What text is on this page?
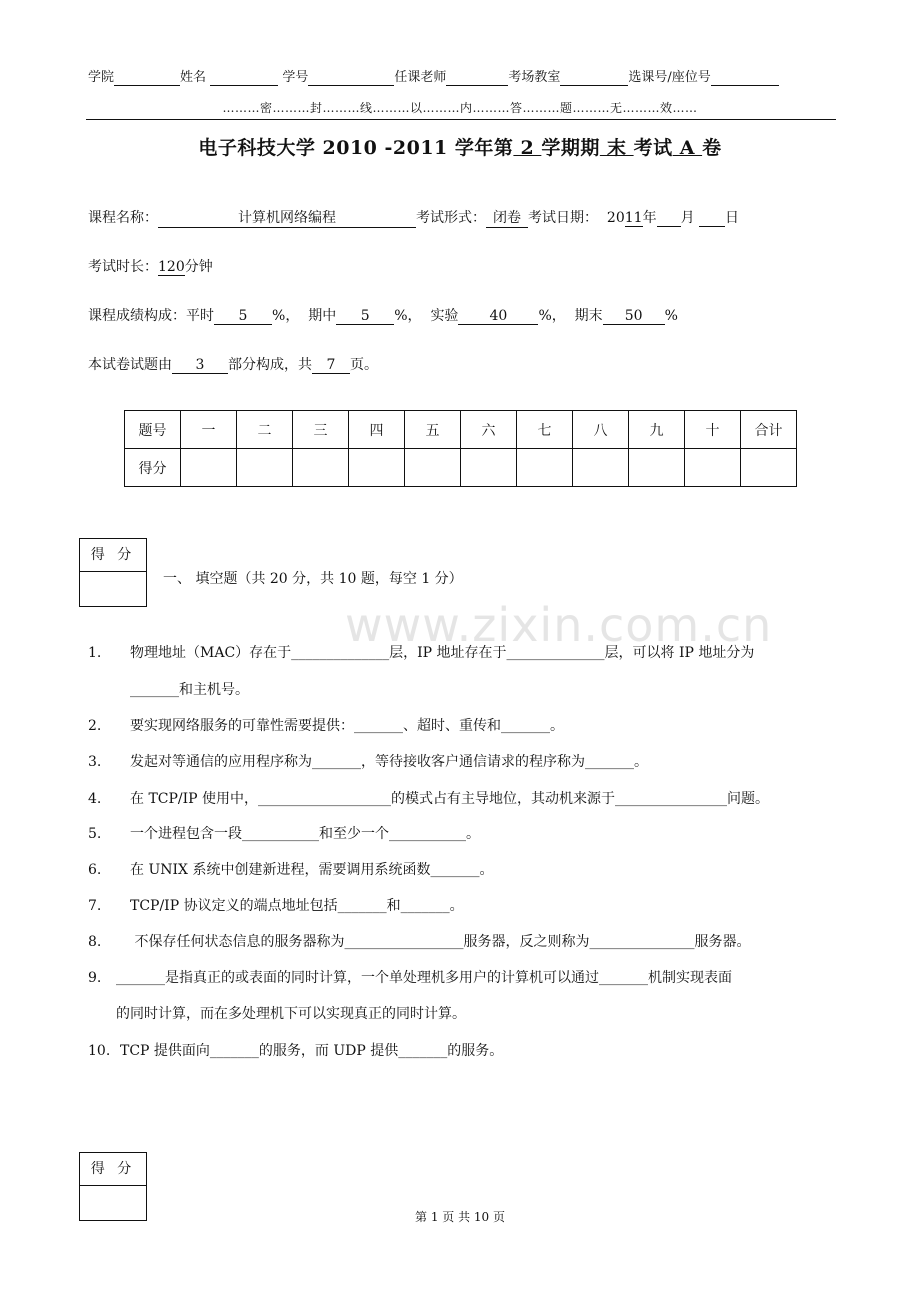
www.zixin.com.cn
学院	姓名	学号	任课老师	考场教室	选课号/座位号
………密………封………线………以………内………答………题………无………效……
电子科技大学 2010 -2011 学年第 2 学期期 末 考试 A 卷
课程名称：	计算机网络编程	考试形式： 闭卷 考试日期： 2011年 月 日
考试时长：120分钟
课程成绩构成：平时 5 %，  期中 5 %，  实验 40 %，  期末 50 %
本试卷试题由 3 部分构成，共 7 页。
题号	一	二	三	四	五	六	七	八	九	十	合计
得分											
得 分
一、 填空题（共 20 分，共 10 题，每空 1 分）
1. 物理地址（MAC）存在于______________层，IP 地址存在于______________层，可以将 IP 地址分为
_______和主机号。
2. 要实现网络服务的可靠性需要提供：_______、超时、重传和_______。
3. 发起对等通信的应用程序称为_______，等待接收客户通信请求的程序称为_______。
4. 在 TCP/IP 使用中，___________________的模式占有主导地位，其动机来源于________________问题。
5. 一个进程包含一段___________和至少一个___________。
6. 在 UNIX 系统中创建新进程，需要调用系统函数_______。
7. TCP/IP 协议定义的端点地址包括_______和_______。
8. 不保存任何状态信息的服务器称为_________________服务器，反之则称为_______________服务器。
9. _______是指真正的或表面的同时计算，一个单处理机多用户的计算机可以通过_______机制实现表面
的同时计算，而在多处理机下可以实现真正的同时计算。
10. TCP 提供面向_______的服务，而 UDP 提供_______的服务。
得 分
第 1 页 共 10 页
